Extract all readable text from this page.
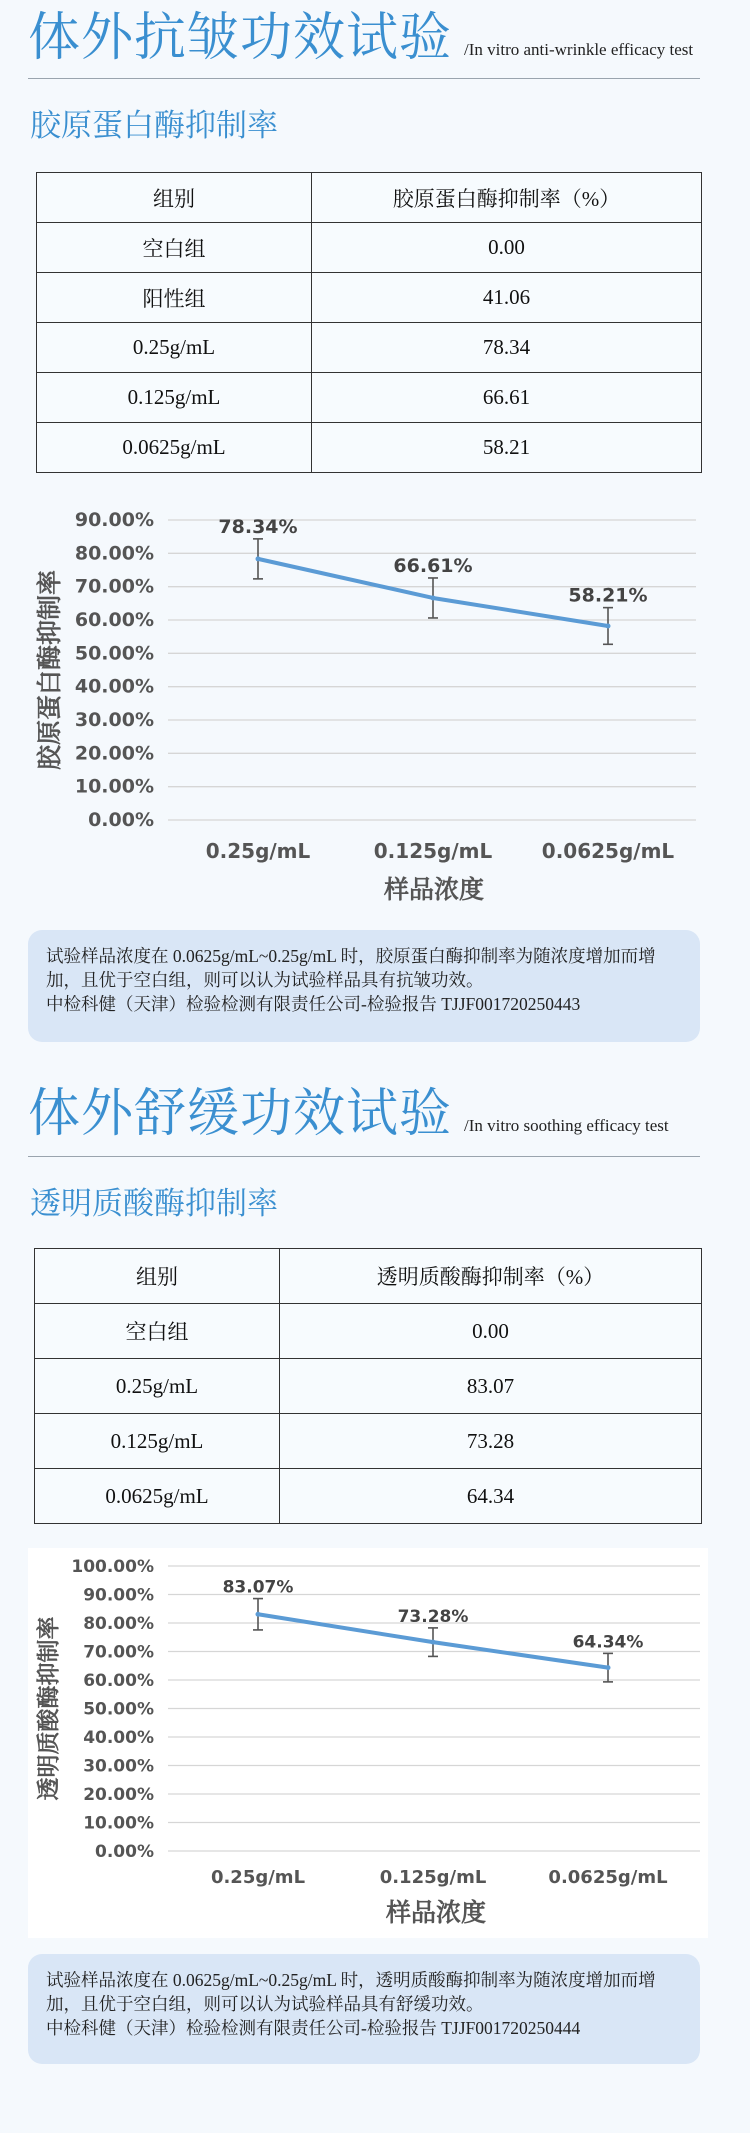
体外抗皱功效试验 /In vitro anti-wrinkle efficacy test
胶原蛋白酶抑制率
组别	胶原蛋白酶抑制率（%）
空白组	0.00
阳性组	41.06
0.25g/mL	78.34
0.125g/mL	66.61
0.0625g/mL	58.21
0.00%
10.00%
20.00%
30.00%
40.00%
50.00%
60.00%
70.00%
80.00%
90.00%	78.34%
0.25g/mL
66.61%
0.125g/mL
58.21%
0.0625g/mL
样品浓度
胶原蛋白酶抑制率

试验样品浓度在 0.0625g/mL~0.25g/mL 时，胶原蛋白酶抑制率为随浓度增加而增加，且优于空白组，则可以认为试验样品具有抗皱功效。

中检科健（天津）检验检测有限责任公司-检验报告 TJJF001720250443

体外舒缓功效试验 /In vitro soothing efficacy test
透明质酸酶抑制率
组别	透明质酸酶抑制率（%）
空白组	0.00
0.25g/mL	83.07
0.125g/mL	73.28
0.0625g/mL	64.34
0.00%
10.00%
20.00%
30.00%
40.00%
50.00%
60.00%
70.00%
80.00%
90.00%
100.00%
83.07%
0.25g/mL
73.28%
0.125g/mL
64.34%
0.0625g/mL
样品浓度
透明质酸酶抑制率

试验样品浓度在 0.0625g/mL~0.25g/mL 时，透明质酸酶抑制率为随浓度增加而增加，且优于空白组，则可以认为试验样品具有舒缓功效。

中检科健（天津）检验检测有限责任公司-检验报告 TJJF001720250444
